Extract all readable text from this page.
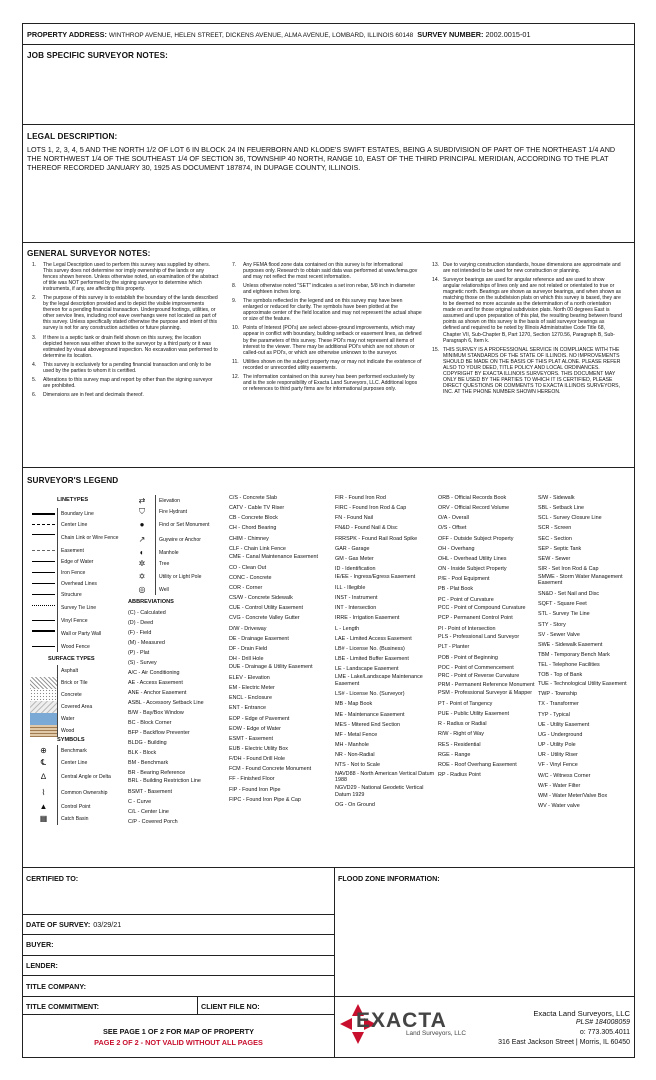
PROPERTY ADDRESS: WINTHROP AVENUE, HELEN STREET, DICKENS AVENUE, ALMA AVENUE, LOMBARD, ILLINOIS 60148 SURVEY NUMBER: 2002.0015-01
JOB SPECIFIC SURVEYOR NOTES:
LEGAL DESCRIPTION:
LOTS 1, 2, 3, 4, 5 AND THE NORTH 1/2 OF LOT 6 IN BLOCK 24 IN FEUERBORN AND KLODE'S SWIFT ESTATES, BEING A SUBDIVISION OF PART OF THE NORTHEAST 1/4 AND THE NORTHWEST 1/4 OF THE SOUTHEAST 1/4 OF SECTION 36, TOWNSHIP 40 NORTH, RANGE 10, EAST OF THE THIRD PRINCIPAL MERIDIAN, ACCORDING TO THE PLAT THEREOF RECORDED JANUARY 30, 1925 AS DOCUMENT 187874, IN DUPAGE COUNTY, ILLINOIS.
GENERAL SURVEYOR NOTES:
1.	The Legal Description used to perform this survey was supplied by others. This survey does not determine nor imply ownership of the lands or any fences shown hereon. Unless otherwise noted, an examination of the abstract of title was NOT performed by the signing surveyor to determine which instruments, if any, are affecting this property.
2.	The purpose of this survey is to establish the boundary of the lands described by the legal description provided and to depict the visible improvements thereon for a pending financial transaction. Underground footings, utilities, or other service lines, including roof eave overhangs were not located as part of this survey. Unless specifically stated otherwise the purpose and intent of this survey is not for any construction activities or future planning.
3.	If there is a septic tank or drain field shown on this survey, the location depicted hereon was either shown to the surveyor by a third party or it was estimated by visual aboveground inspection. No excavation was performed to determine its location.
4.	This survey is exclusively for a pending financial transaction and only to be used by the parties to whom it is certified.
5.	Alterations to this survey map and report by other than the signing surveyor are prohibited.
6.	Dimensions are in feet and decimals thereof.
7.	Any FEMA flood zone data contained on this survey is for informational purposes only. Research to obtain said data was performed at www.fema.gov and may not reflect the most recent information.
8.	Unless otherwise noted "SET" indicates a set iron rebar, 5/8 inch in diameter and eighteen inches long.
9.	The symbols reflected in the legend and on this survey may have been enlarged or reduced for clarity. The symbols have been plotted at the approximate center of the field location and may not represent the actual shape or size of the feature.
10. Points of Interest (POI's) are select above-ground improvements, which may appear in conflict with boundary, building setback or easement lines, as defined by the parameters of this survey. These POI's may not represent all items of interest to the viewer. There may be additional POI's which are not shown or called-out as POI's, or which are otherwise unknown to the surveyor.
11. Utilities shown on the subject property may or may not indicate the existence of recorded or unrecorded utility easements.
12. The information contained on this survey has been performed exclusively by and is the sole responsibility of Exacta Land Surveyors, LLC. Additional logos or references to third party firms are for informational purposes only.
13. Due to varying construction standards, house dimensions are approximate and are not intended to be used for new construction or planning.
14. Surveyor bearings are used for angular reference and are used to show angular relationships of lines only and are not related or orientated to true or magnetic north. Bearings are shown as surveyor bearings, and when shown as matching those on the subdivision plats on which this survey is based, they are to be deemed no more accurate as the determination of a north orientation made on and for those original subdivision plats. North 00 degrees East is assumed and upon preparation of this plat, the resulting bearing between found points as shown on this survey is the basis of said surveyor bearings as defined and required to be noted by Illinois Administrative Code Title 68, Chapter VII, Sub-Chapter B, Part 1270, Section 1270.56, Paragraph B, Sub-Paragraph 6, Item k.
15. THIS SURVEY IS A PROFESSIONAL SERVICE IN COMPLIANCE WITH THE MINIMUM STANDARDS OF THE STATE OF ILLINOIS. NO IMPROVEMENTS SHOULD BE MADE ON THE BASIS OF THIS PLAT ALONE. PLEASE REFER ALSO TO YOUR DEED, TITLE POLICY AND LOCAL ORDINANCES. COPYRIGHT BY EXACTA ILLINOIS SURVEYORS. THIS DOCUMENT MAY ONLY BE USED BY THE PARTIES TO WHICH IT IS CERTIFIED, PLEASE DIRECT QUESTIONS OR COMMENTS TO EXACTA ILLINOIS SURVEYORS, INC. AT THE PHONE NUMBER SHOWN HEREON.
SURVEYOR'S LEGEND
LINETYPES
Boundary Line
Center Line
Chain Link or Wire Fence
Easement
Edge of Water
Iron Fence
Overhead Lines
Structure
Survey Tie Line
Vinyl Fence
Wall or Party Wall
Wood Fence
SURFACE TYPES
Asphalt
Brick or Tile
Concrete
Covered Area
Water
Wood
SYMBOLS
⊕	Benchmark
℄	Center Line
∆	Central Angle or Delta
⌇	Common Ownership
▲	Control Point
▦	Catch Basin
⇄	Elevation
⛉	Fire Hydrant
●	Find or Set Monument
↗	Guywire or Anchor
◐	Manhole
✲	Tree
✡	Utility or Light Pole
◎	Well
ABBREVIATIONS
(C) - Calculated
(D) - Deed
(F) - Field
(M) - Measured
(P) - Plat
(S) - Survey
A/C - Air Conditioning
AE - Access Easement
ANE - Anchor Easement
ASBL - Accessory Setback Line
B/W - Bay/Box Window
BC - Block Corner
BFP - Backflow Preventer
BLDG - Building
BLK - Block
BM - Benchmark
BR - Bearing Reference
BRL - Building Restriction Line
BSMT - Basement
C - Curve
C/L - Center Line
C/P - Covered Porch
C/S - Concrete Slab
CATV - Cable TV Riser
CB - Concrete Block
CH - Chord Bearing
CHIM - Chimney
CLF - Chain Link Fence
CME - Canal Maintenance Easement
CO - Clean Out
CONC - Concrete
COR - Corner
CS/W - Concrete Sidewalk
CUE - Control Utility Easement
CVG - Concrete Valley Gutter
D/W - Driveway
DE - Drainage Easement
DF - Drain Field
DH - Drill Hole
DUE - Drainage & Utility Easement
ELEV - Elevation
EM - Electric Meter
ENCL - Enclosure
ENT - Entrance
EOP - Edge of Pavement
EOW - Edge of Water
ESMT - Easement
EUB - Electric Utility Box
F/DH - Found Drill Hole
FCM - Found Concrete Monument
FF - Finished Floor
FIP - Found Iron Pipe
FIPC - Found Iron Pipe & Cap
FIR - Found Iron Rod
FIRC - Found Iron Rod & Cap
FN - Found Nail
FN&D - Found Nail & Disc
FRRSPK - Found Rail Road Spike
GAR - Garage
GM - Gas Meter
ID - Identification
IE/EE - Ingress/Egress Easement
ILL - Illegible
INST - Instrument
INT - Intersection
IRRE - Irrigation Easement
L - Length
LAE - Limited Access Easement
LB# - License No. (Business)
LBE - Limited Buffer Easement
LE - Landscape Easement
LME - Lake/Landscape Maintenance Easement
LS# - License No. (Surveyor)
MB - Map Book
ME - Maintenance Easement
MES - Mitered End Section
MF - Metal Fence
MH - Manhole
NR - Non-Radial
NTS - Not to Scale
NAVD88 - North American Vertical Datum 1988
NGVD29 - National Geodetic Vertical Datum 1929
OG - On Ground
ORB - Official Records Book
ORV - Official Record Volume
O/A - Overall
O/S - Offset
OFF - Outside Subject Property
OH - Overhang
OHL - Overhead Utility Lines
ON - Inside Subject Property
P/E - Pool Equipment
PB - Plat Book
PC - Point of Curvature
PCC - Point of Compound Curvature
PCP - Permanent Control Point
PI - Point of Intersection
PLS - Professional Land Surveyor
PLT - Planter
POB - Point of Beginning
POC - Point of Commencement
PRC - Point of Reverse Curvature
PRM - Permanent Reference Monument
PSM - Professional Surveyor & Mapper
PT - Point of Tangency
PUE - Public Utility Easement
R - Radius or Radial
R/W - Right of Way
RES - Residential
RGE - Range
ROE - Roof Overhang Easement
RP - Radius Point
S/W - Sidewalk
SBL - Setback Line
SCL - Survey Closure Line
SCR - Screen
SEC - Section
SEP - Septic Tank
SEW - Sewer
SIR - Set Iron Rod & Cap
SMWE - Storm Water Management Easement
SN&D - Set Nail and Disc
SQFT - Square Feet
STL - Survey Tie Line
STY - Story
SV - Sewer Valve
SWE - Sidewalk Easement
TBM - Temporary Bench Mark
TEL - Telephone Facilities
TOB - Top of Bank
TUE - Technological Utility Easement
TWP - Township
TX - Transformer
TYP - Typical
UE - Utility Easement
UG - Underground
UP - Utility Pole
UR - Utility Riser
VF - Vinyl Fence
W/C - Witness Corner
W/F - Water Filter
WM - Water Meter/Valve Box
WV - Water valve
CERTIFIED TO:	FLOOD ZONE INFORMATION:
DATE OF SURVEY: 03/29/21
BUYER:
LENDER:
TITLE COMPANY:
TITLE COMMITMENT:	CLIENT FILE NO:
SEE PAGE 1 OF 2 FOR MAP OF PROPERTY
PAGE 2 OF 2 - NOT VALID WITHOUT ALL PAGES
EXACTA
Land Surveyors, LLC
Exacta Land Surveyors, LLC
PLS# 184008059
o: 773.305.4011
316 East Jackson Street | Morris, IL 60450
